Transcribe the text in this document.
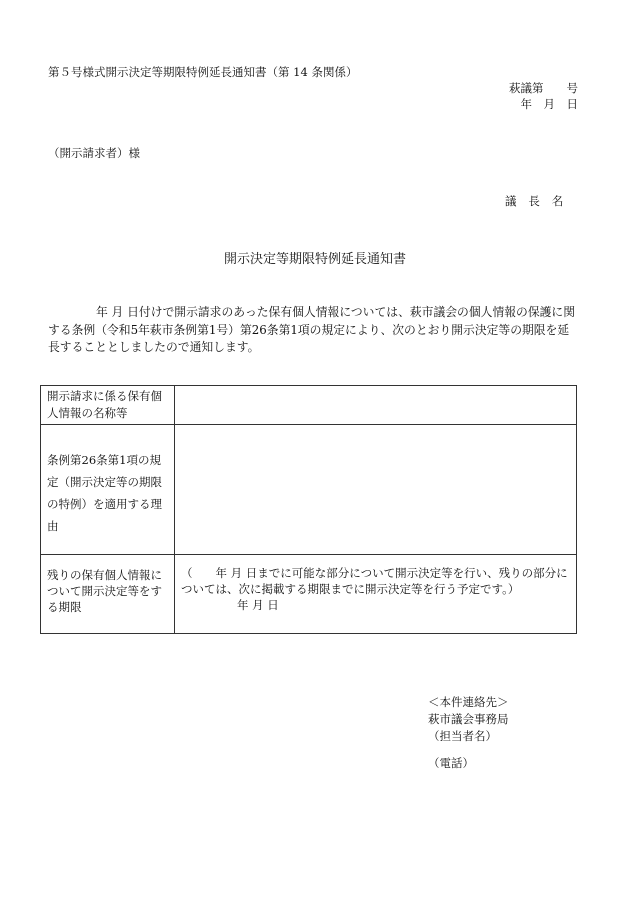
第５号様式開示決定等期限特例延長通知書（第 14 条関係）
萩議第　　号
年　月　日
（開示請求者）様
議　長　名
開示決定等期限特例延長通知書
年 月 日付けで開示請求のあった保有個人情報については、萩市議会の個人情報の保護に関する条例（令和5年萩市条例第1号）第26条第1項の規定により、次のとおり開示決定等の期限を延長することとしましたので通知します。
開示請求に係る保有個人情報の名称等	
条例第26条第1項の規定（開示決定等の期限の特例）を適用する理由	
残りの保有個人情報について開示決定等をする期限	（　　年 月 日までに可能な部分について開示決定等を行い、残りの部分については、次に掲載する期限までに開示決定等を行う予定です。）
年 月 日
＜本件連絡先＞
萩市議会事務局
（担当者名）
（電話）
